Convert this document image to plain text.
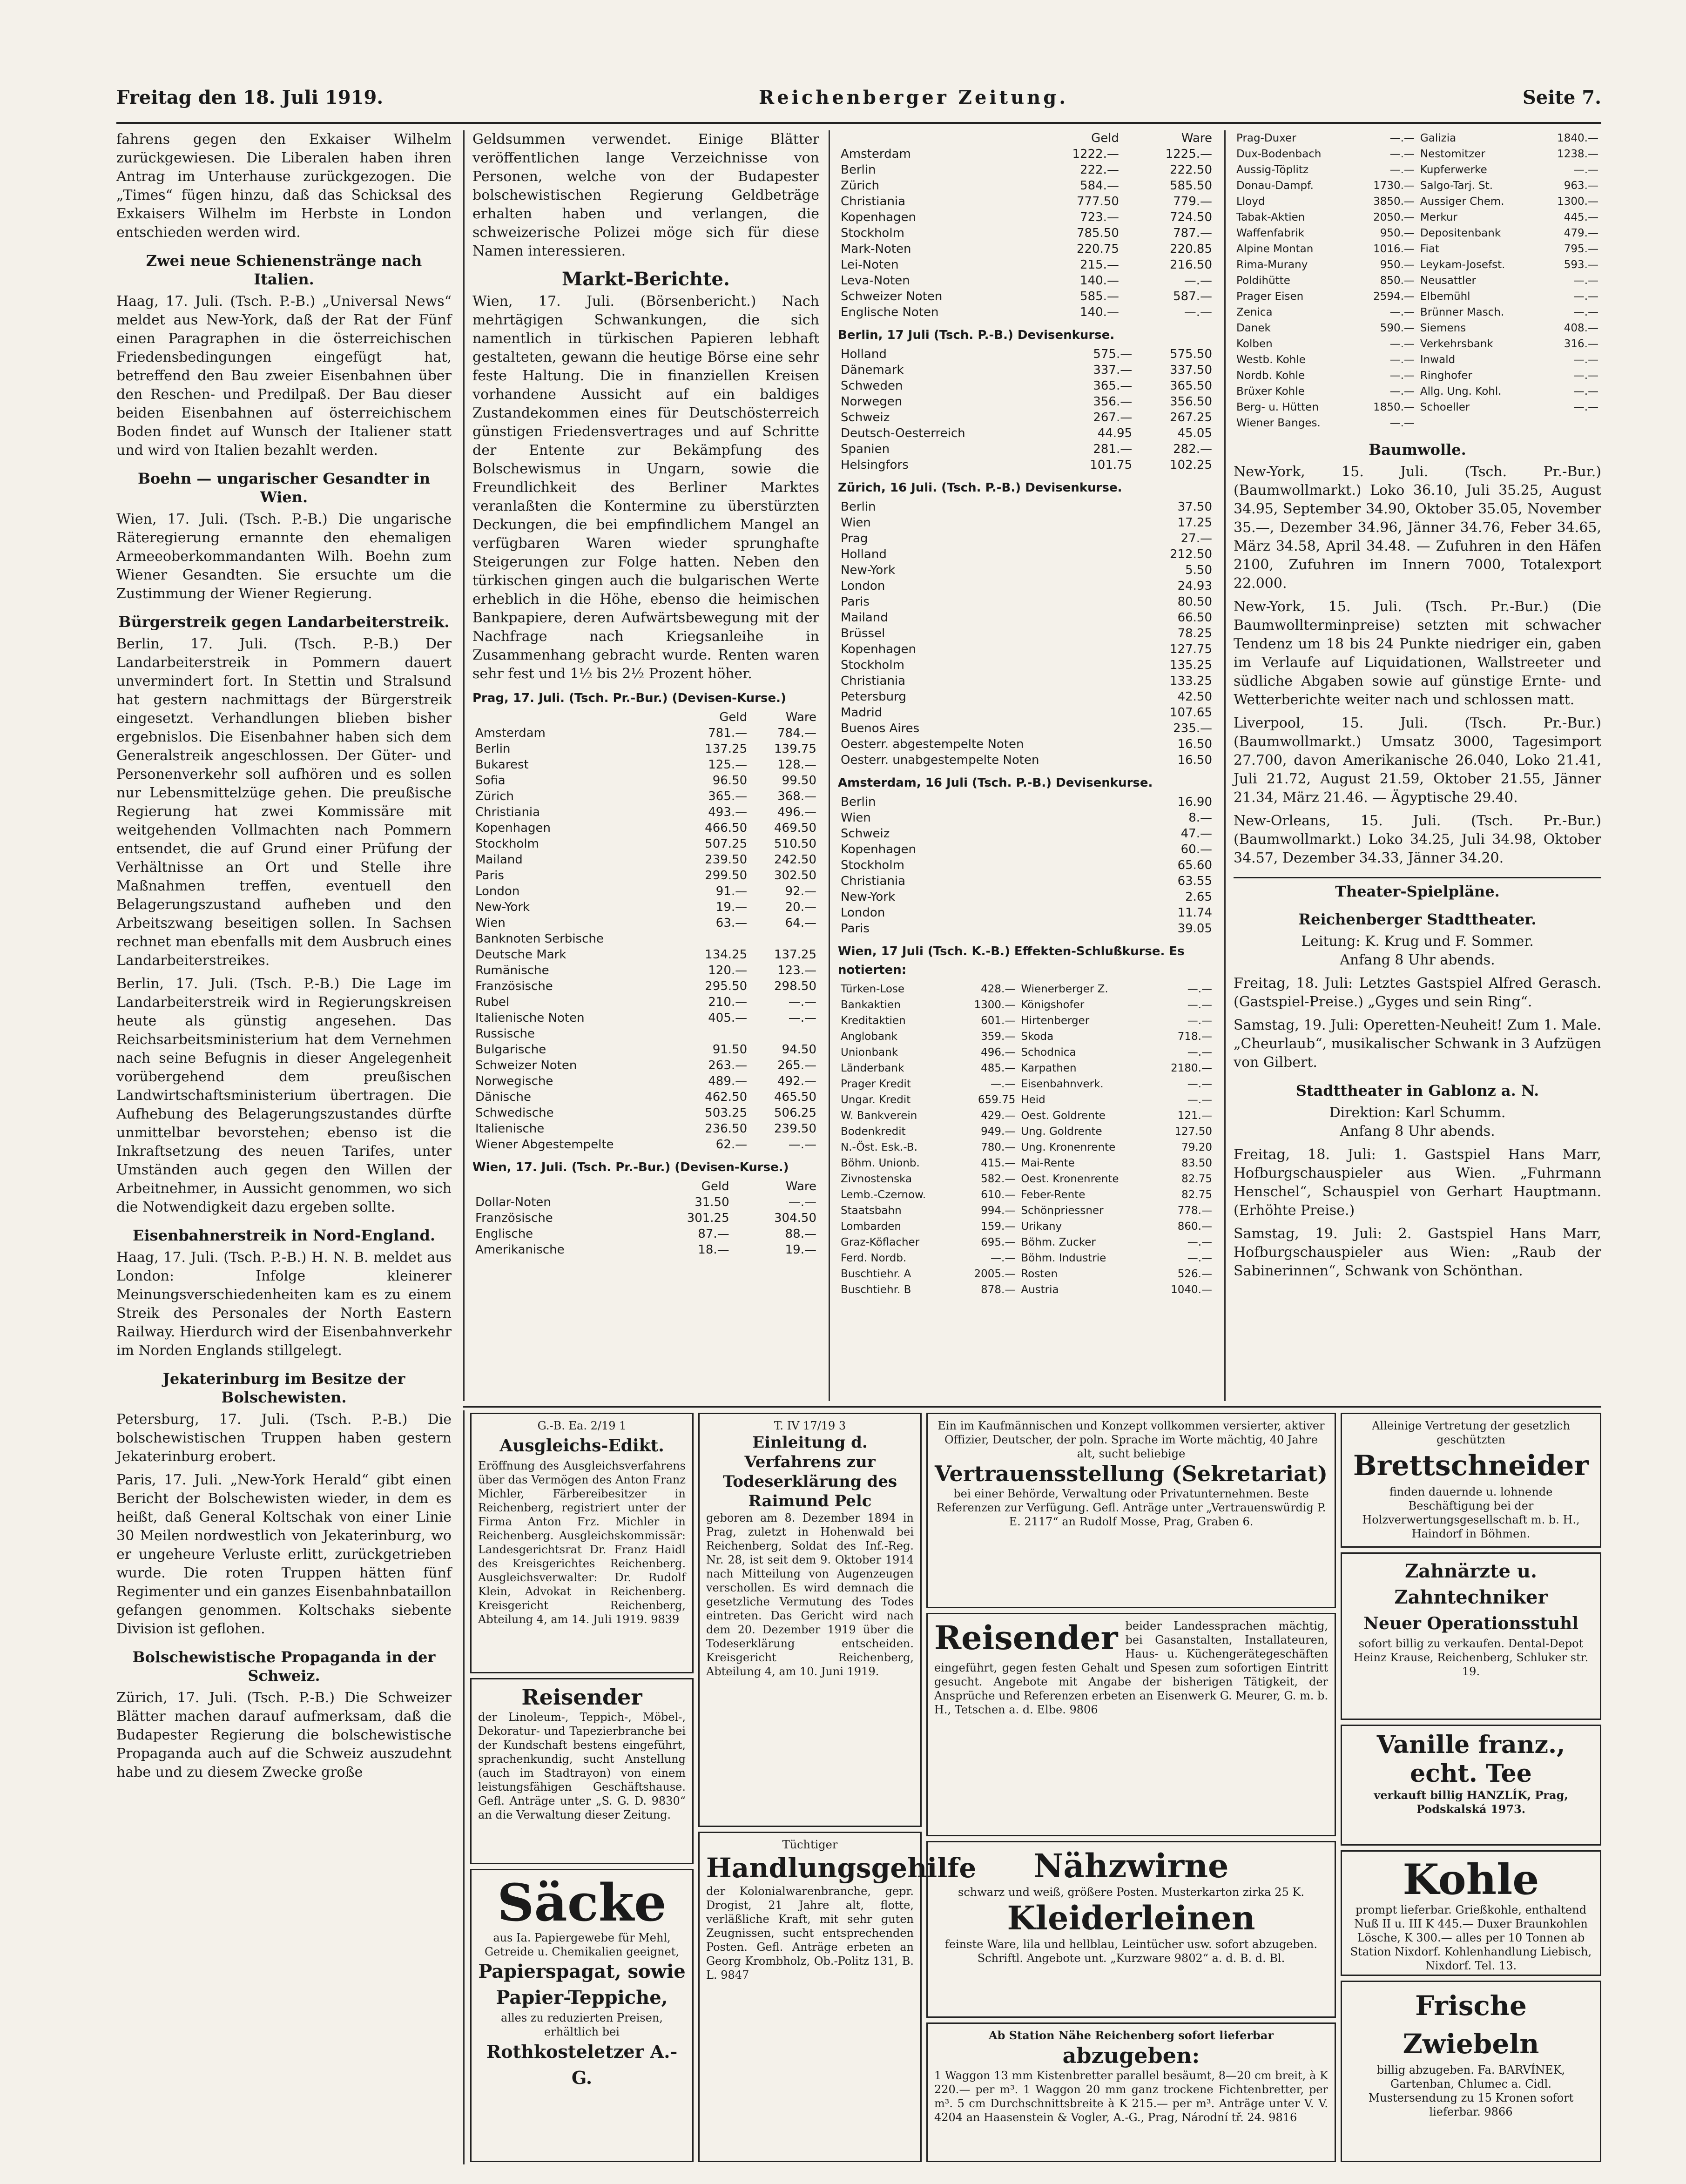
Freitag den 18. Juli 1919.	Reichenberger Zeitung.	Seite 7.

fahrens gegen den Exkaiser Wilhelm zurückgewiesen. Die Liberalen haben ihren Antrag im Unterhause zurückgezogen. Die „Times“ fügen hinzu, daß das Schicksal des Exkaisers Wilhelm im Herbste in London entschieden werden wird.

Zwei neue Schienenstränge nach Italien.

Haag, 17. Juli. (Tsch. P.-B.) „Universal News“ meldet aus New-York, daß der Rat der Fünf einen Paragraphen in die österreichischen Friedensbedingungen eingefügt hat, betreffend den Bau zweier Eisenbahnen über den Reschen- und Predilpaß. Der Bau dieser beiden Eisenbahnen auf österreichischem Boden findet auf Wunsch der Italiener statt und wird von Italien bezahlt werden.

Boehn — ungarischer Gesandter in Wien.

Wien, 17. Juli. (Tsch. P.-B.) Die ungarische Räteregierung ernannte den ehemaligen Armeeoberkommandanten Wilh. Boehn zum Wiener Gesandten. Sie ersuchte um die Zustimmung der Wiener Regierung.

Bürgerstreik gegen Landarbeiterstreik.

Berlin, 17. Juli. (Tsch. P.-B.) Der Landarbeiterstreik in Pommern dauert unvermindert fort. In Stettin und Stralsund hat gestern nachmittags der Bürgerstreik eingesetzt. Verhandlungen blieben bisher ergebnislos. Die Eisenbahner haben sich dem Generalstreik angeschlossen. Der Güter- und Personenverkehr soll aufhören und es sollen nur Lebensmittelzüge gehen. Die preußische Regierung hat zwei Kommissäre mit weitgehenden Vollmachten nach Pommern entsendet, die auf Grund einer Prüfung der Verhältnisse an Ort und Stelle ihre Maßnahmen treffen, eventuell den Belagerungszustand aufheben und den Arbeitszwang beseitigen sollen. In Sachsen rechnet man ebenfalls mit dem Ausbruch eines Landarbeiterstreikes.

Berlin, 17. Juli. (Tsch. P.-B.) Die Lage im Landarbeiterstreik wird in Regierungskreisen heute als günstig angesehen. Das Reichsarbeitsministerium hat dem Vernehmen nach seine Befugnis in dieser Angelegenheit vorübergehend dem preußischen Landwirtschaftsministerium übertragen. Die Aufhebung des Belagerungszustandes dürfte unmittelbar bevorstehen; ebenso ist die Inkraftsetzung des neuen Tarifes, unter Umständen auch gegen den Willen der Arbeitnehmer, in Aussicht genommen, wo sich die Notwendigkeit dazu ergeben sollte.

Eisenbahnerstreik in Nord-England.

Haag, 17. Juli. (Tsch. P.-B.) H. N. B. meldet aus London: Infolge kleinerer Meinungsverschiedenheiten kam es zu einem Streik des Personales der North Eastern Railway. Hierdurch wird der Eisenbahnverkehr im Norden Englands stillgelegt.

Jekaterinburg im Besitze der Bolschewisten.

Petersburg, 17. Juli. (Tsch. P.-B.) Die bolschewistischen Truppen haben gestern Jekaterinburg erobert.

Paris, 17. Juli. „New-York Herald“ gibt einen Bericht der Bolschewisten wieder, in dem es heißt, daß General Koltschak von einer Linie 30 Meilen nordwestlich von Jekaterinburg, wo er ungeheure Verluste erlitt, zurückgetrieben wurde. Die roten Truppen hätten fünf Regimenter und ein ganzes Eisenbahnbataillon gefangen genommen. Koltschaks siebente Division ist geflohen.

Bolschewistische Propaganda in der Schweiz.

Zürich, 17. Juli. (Tsch. P.-B.) Die Schweizer Blätter machen darauf aufmerksam, daß die Budapester Regierung die bolschewistische Propaganda auch auf die Schweiz auszudehnt habe und zu diesem Zwecke große

Geldsummen verwendet. Einige Blätter veröffentlichen lange Verzeichnisse von Personen, welche von der Budapester bolschewistischen Regierung Geldbeträge erhalten haben und verlangen, die schweizerische Polizei möge sich für diese Namen interessieren.

Markt-Berichte.

Wien, 17. Juli. (Börsenbericht.) Nach mehrtägigen Schwankungen, die sich namentlich in türkischen Papieren lebhaft gestalteten, gewann die heutige Börse eine sehr feste Haltung. Die in finanziellen Kreisen vorhandene Aussicht auf ein baldiges Zustandekommen eines für Deutschösterreich günstigen Friedensvertrages und auf Schritte der Entente zur Bekämpfung des Bolschewismus in Ungarn, sowie die Freundlichkeit des Berliner Marktes veranlaßten die Kontermine zu überstürzten Deckungen, die bei empfindlichem Mangel an verfügbaren Waren wieder sprunghafte Steigerungen zur Folge hatten. Neben den türkischen gingen auch die bulgarischen Werte erheblich in die Höhe, ebenso die heimischen Bankpapiere, deren Aufwärtsbewegung mit der Nachfrage nach Kriegsanleihe in Zusammenhang gebracht wurde. Renten waren sehr fest und 1½ bis 2½ Prozent höher.

Prag, 17. Juli. (Tsch. Pr.-Bur.) (Devisen-Kurse.)
	Geld	Ware
Amsterdam	781.—	784.—
Berlin	137.25	139.75
Bukarest	125.—	128.—
Sofia	96.50	99.50
Zürich	365.—	368.—
Christiania	493.—	496.—
Kopenhagen	466.50	469.50
Stockholm	507.25	510.50
Mailand	239.50	242.50
Paris	299.50	302.50
London	91.—	92.—
New-York	19.—	20.—
Wien	63.—	64.—
Banknoten Serbische		
Deutsche Mark	134.25	137.25
Rumänische	120.—	123.—
Französische	295.50	298.50
Rubel	210.—	—.—
Italienische Noten	405.—	—.—
Russische		
Bulgarische	91.50	94.50
Schweizer Noten	263.—	265.—
Norwegische	489.—	492.—
Dänische	462.50	465.50
Schwedische	503.25	506.25
Italienische	236.50	239.50
Wiener Abgestempelte	62.—	—.—
Wien, 17. Juli. (Tsch. Pr.-Bur.) (Devisen-Kurse.)
	Geld	Ware
Dollar-Noten	31.50	—.—
Französische	301.25	304.50
Englische	87.—	88.—
Amerikanische	18.—	19.—
	Geld	Ware
Amsterdam	1222.—	1225.—
Berlin	222.—	222.50
Zürich	584.—	585.50
Christiania	777.50	779.—
Kopenhagen	723.—	724.50
Stockholm	785.50	787.—
Mark-Noten	220.75	220.85
Lei-Noten	215.—	216.50
Leva-Noten	140.—	—.—
Schweizer Noten	585.—	587.—
Englische Noten	140.—	—.—
Berlin, 17 Juli (Tsch. P.-B.) Devisenkurse.
Holland	575.—	575.50
Dänemark	337.—	337.50
Schweden	365.—	365.50
Norwegen	356.—	356.50
Schweiz	267.—	267.25
Deutsch-Oesterreich	44.95	45.05
Spanien	281.—	282.—
Helsingfors	101.75	102.25
Zürich, 16 Juli. (Tsch. P.-B.) Devisenkurse.
Berlin	37.50
Wien	17.25
Prag	27.—
Holland	212.50
New-York	5.50
London	24.93
Paris	80.50
Mailand	66.50
Brüssel	78.25
Kopenhagen	127.75
Stockholm	135.25
Christiania	133.25
Petersburg	42.50
Madrid	107.65
Buenos Aires	235.—
Oesterr. abgestempelte Noten	16.50
Oesterr. unabgestempelte Noten	16.50
Amsterdam, 16 Juli (Tsch. P.-B.) Devisenkurse.
Berlin	16.90
Wien	8.—
Schweiz	47.—
Kopenhagen	60.—
Stockholm	65.60
Christiania	63.55
New-York	2.65
London	11.74
Paris	39.05
Wien, 17 Juli (Tsch. K.-B.) Effekten-Schlußkurse. Es notierten:
Türken-Lose	428.—	Wienerberger Z.	—.—
Bankaktien	1300.—	Königshofer	—.—
Kreditaktien	601.—	Hirtenberger	—.—
Anglobank	359.—	Skoda	718.—
Unionbank	496.—	Schodnica	—.—
Länderbank	485.—	Karpathen	2180.—
Prager Kredit	—.—	Eisenbahnverk.	—.—
Ungar. Kredit	659.75	Heid	—.—
W. Bankverein	429.—	Oest. Goldrente	121.—
Bodenkredit	949.—	Ung. Goldrente	127.50
N.-Öst. Esk.-B.	780.—	Ung. Kronenrente	79.20
Böhm. Unionb.	415.—	Mai-Rente	83.50
Zivnostenska	582.—	Oest. Kronenrente	82.75
Lemb.-Czernow.	610.—	Feber-Rente	82.75
Staatsbahn	994.—	Schönpriessner	778.—
Lombarden	159.—	Urikany	860.—
Graz-Köflacher	695.—	Böhm. Zucker	—.—
Ferd. Nordb.	—.—	Böhm. Industrie	—.—
Buschtiehr. A	2005.—	Rosten	526.—
Buschtiehr. B	878.—	Austria	1040.—
Prag-Duxer	—.—	Galizia	1840.—
Dux-Bodenbach	—.—	Nestomitzer	1238.—
Aussig-Töplitz	—.—	Kupferwerke	—.—
Donau-Dampf.	1730.—	Salgo-Tarj. St.	963.—
Lloyd	3850.—	Aussiger Chem.	1300.—
Tabak-Aktien	2050.—	Merkur	445.—
Waffenfabrik	950.—	Depositenbank	479.—
Alpine Montan	1016.—	Fiat	795.—
Rima-Murany	950.—	Leykam-Josefst.	593.—
Poldihütte	850.—	Neusattler	—.—
Prager Eisen	2594.—	Elbemühl	—.—
Zenica	—.—	Brünner Masch.	—.—
Danek	590.—	Siemens	408.—
Kolben	—.—	Verkehrsbank	316.—
Westb. Kohle	—.—	Inwald	—.—
Nordb. Kohle	—.—	Ringhofer	—.—
Brüxer Kohle	—.—	Allg. Ung. Kohl.	—.—
Berg- u. Hütten	1850.—	Schoeller	—.—
Wiener Banges.	—.—		
Baumwolle.

New-York, 15. Juli. (Tsch. Pr.-Bur.) (Baumwollmarkt.) Loko 36.10, Juli 35.25, August 34.95, September 34.90, Oktober 35.05, November 35.—, Dezember 34.96, Jänner 34.76, Feber 34.65, März 34.58, April 34.48. — Zufuhren in den Häfen 2100, Zufuhren im Innern 7000, Totalexport 22.000.

New-York, 15. Juli. (Tsch. Pr.-Bur.) (Die Baumwollterminpreise) setzten mit schwacher Tendenz um 18 bis 24 Punkte niedriger ein, gaben im Verlaufe auf Liquidationen, Wallstreeter und südliche Abgaben sowie auf günstige Ernte- und Wetterberichte weiter nach und schlossen matt.

Liverpool, 15. Juli. (Tsch. Pr.-Bur.) (Baumwollmarkt.) Umsatz 3000, Tagesimport 27.700, davon Amerikanische 26.040, Loko 21.41, Juli 21.72, August 21.59, Oktober 21.55, Jänner 21.34, März 21.46. — Ägyptische 29.40.

New-Orleans, 15. Juli. (Tsch. Pr.-Bur.) (Baumwollmarkt.) Loko 34.25, Juli 34.98, Oktober 34.57, Dezember 34.33, Jänner 34.20.

Theater-Spielpläne.
Reichenberger Stadttheater.

Leitung: K. Krug und F. Sommer.

Anfang 8 Uhr abends.

Freitag, 18. Juli: Letztes Gastspiel Alfred Gerasch. (Gastspiel-Preise.) „Gyges und sein Ring“.

Samstag, 19. Juli: Operetten-Neuheit! Zum 1. Male. „Cheurlaub“, musikalischer Schwank in 3 Aufzügen von Gilbert.

Stadttheater in Gablonz a. N.

Direktion: Karl Schumm.

Anfang 8 Uhr abends.

Freitag, 18. Juli: 1. Gastspiel Hans Marr, Hofburgschauspieler aus Wien. „Fuhrmann Henschel“, Schauspiel von Gerhart Hauptmann. (Erhöhte Preise.)

Samstag, 19. Juli: 2. Gastspiel Hans Marr, Hofburgschauspieler aus Wien: „Raub der Sabinerinnen“, Schwank von Schönthan.

G.-B. Ea. 2/19 1
Ausgleichs-Edikt.
Eröffnung des Ausgleichsverfahrens über das Vermögen des Anton Franz Michler, Färbereibesitzer in Reichenberg, registriert unter der Firma Anton Frz. Michler in Reichenberg. Ausgleichskommissär: Landesgerichtsrat Dr. Franz Haidl des Kreisgerichtes Reichenberg. Ausgleichsverwalter: Dr. Rudolf Klein, Advokat in Reichenberg. Kreisgericht Reichenberg, Abteilung 4, am 14. Juli 1919. 9839
Reisender
der Linoleum-, Teppich-, Möbel-, Dekoratur- und Tapezierbranche bei der Kundschaft bestens eingeführt, sprachenkundig, sucht Anstellung (auch im Stadtrayon) von einem leistungsfähigen Geschäftshause. Gefl. Anträge unter „S. G. D. 9830“ an die Verwaltung dieser Zeitung.
Säcke
aus Ia. Papiergewebe für Mehl, Getreide u. Chemikalien geeignet,
Papierspagat, sowie Papier-Teppiche,
alles zu reduzierten Preisen, erhältlich bei
Rothkosteletzer A.-G.
T. IV 17/19 3
Einleitung d. Verfahrens zur Todeserklärung des Raimund Pelc
geboren am 8. Dezember 1894 in Prag, zuletzt in Hohenwald bei Reichenberg, Soldat des Inf.-Reg. Nr. 28, ist seit dem 9. Oktober 1914 nach Mitteilung von Augenzeugen verschollen. Es wird demnach die gesetzliche Vermutung des Todes eintreten. Das Gericht wird nach dem 20. Dezember 1919 über die Todeserklärung entscheiden. Kreisgericht Reichenberg, Abteilung 4, am 10. Juni 1919.
Tüchtiger
Handlungsgehilfe
der Kolonialwarenbranche, gepr. Drogist, 21 Jahre alt, flotte, verläßliche Kraft, mit sehr guten Zeugnissen, sucht entsprechenden Posten. Gefl. Anträge erbeten an Georg Krombholz, Ob.-Politz 131, B. L. 9847
Ein im Kaufmännischen und Konzept vollkommen versierter, aktiver Offizier, Deutscher, der poln. Sprache im Worte mächtig, 40 Jahre alt, sucht beliebige
Vertrauensstellung (Sekretariat)
bei einer Behörde, Verwaltung oder Privatunternehmen. Beste Referenzen zur Verfügung. Gefl. Anträge unter „Vertrauenswürdig P. E. 2117“ an Rudolf Mosse, Prag, Graben 6.
Reisender beider Landessprachen mächtig, bei Gasanstalten, Installateuren, Haus- u. Küchengerätegeschäften eingeführt, gegen festen Gehalt und Spesen zum sofortigen Eintritt gesucht. Angebote mit Angabe der bisherigen Tätigkeit, der Ansprüche und Referenzen erbeten an Eisenwerk G. Meurer, G. m. b. H., Tetschen a. d. Elbe. 9806
Nähzwirne
schwarz und weiß, größere Posten. Musterkarton zirka 25 K.
Kleiderleinen
feinste Ware, lila und hellblau, Leintücher usw. sofort abzugeben. Schriftl. Angebote unt. „Kurzware 9802“ a. d. B. d. Bl.
Ab Station Nähe Reichenberg sofort lieferbar
abzugeben:
1 Waggon 13 mm Kistenbretter parallel besäumt, 8—20 cm breit, à K 220.— per m³. 1 Waggon 20 mm ganz trockene Fichtenbretter, per m³. 5 cm Durchschnittsbreite à K 215.— per m³. Anträge unter V. V. 4204 an Haasenstein & Vogler, A.-G., Prag, Národní tř. 24. 9816
Alleinige Vertretung der gesetzlich geschützten
Brettschneider
finden dauernde u. lohnende Beschäftigung bei der Holzverwertungsgesellschaft m. b. H., Haindorf in Böhmen.
Zahnärzte u. Zahntechniker
Neuer Operationsstuhl
sofort billig zu verkaufen. Dental-Depot Heinz Krause, Reichenberg, Schluker str. 19.
Vanille franz., echt. Tee
verkauft billig HANZLÍK, Prag, Podskalská 1973.
Kohle
prompt lieferbar. Grießkohle, enthaltend Nuß II u. III K 445.— Duxer Braunkohlen Lösche, K 300.— alles per 10 Tonnen ab Station Nixdorf. Kohlenhandlung Liebisch, Nixdorf. Tel. 13.
Frische Zwiebeln
billig abzugeben. Fa. BARVÍNEK, Gartenban, Chlumec a. Cidl. Mustersendung zu 15 Kronen sofort lieferbar. 9866
